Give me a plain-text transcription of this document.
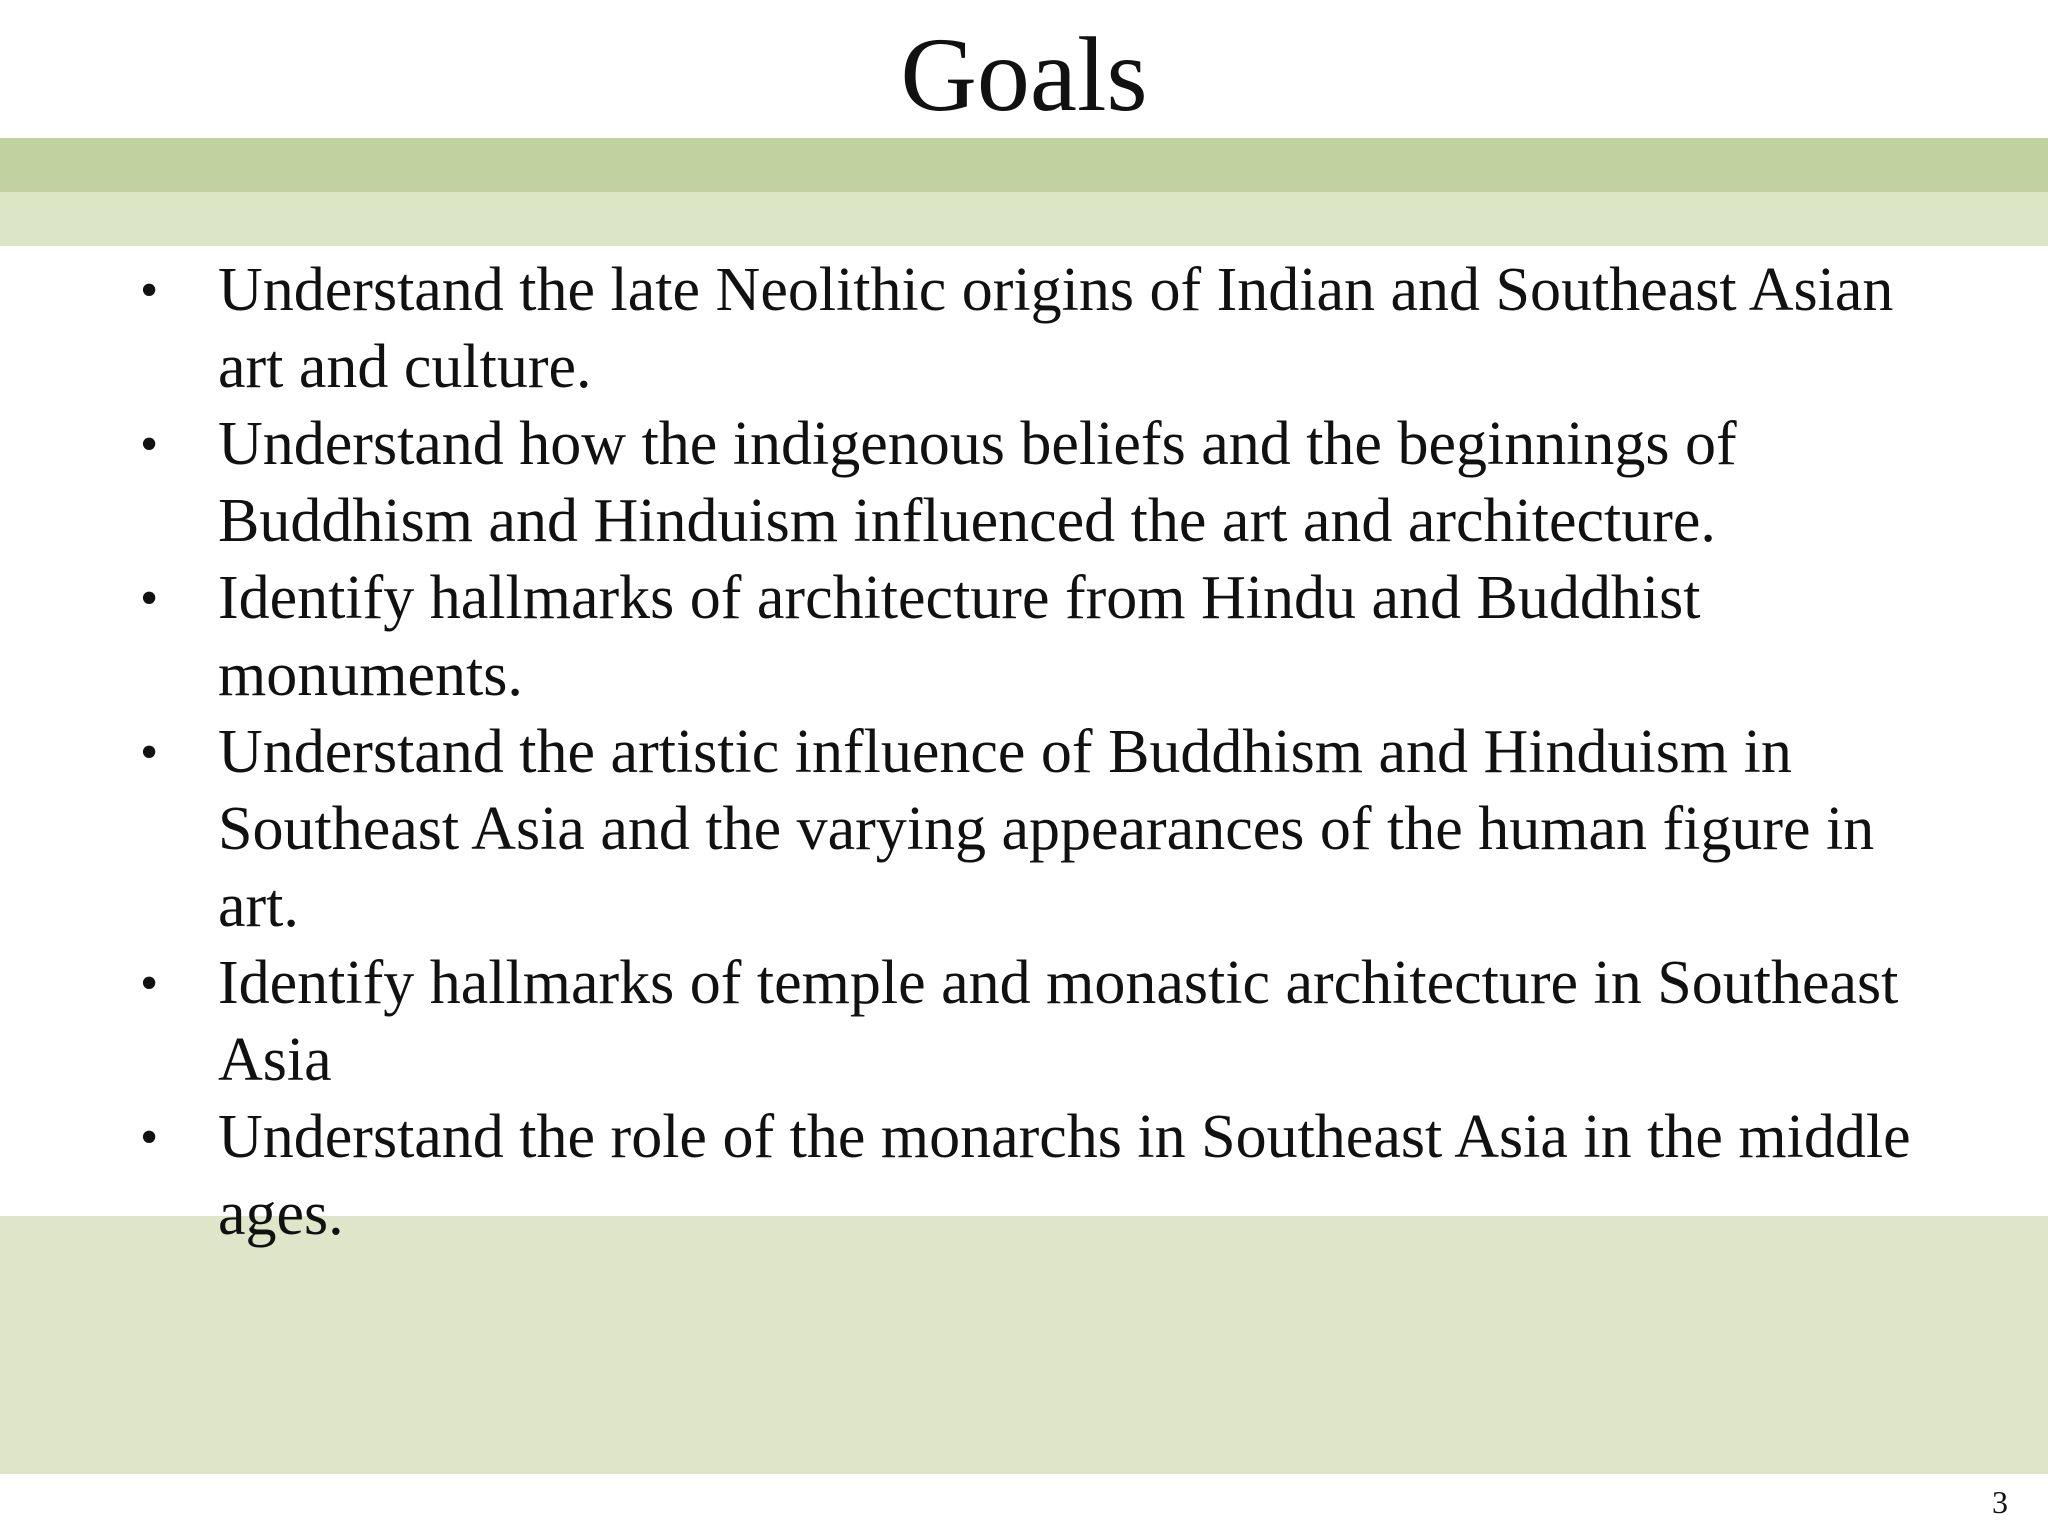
Goals
• Understand the late Neolithic origins of Indian and Southeast Asian art and culture.
• Understand how the indigenous beliefs and the beginnings of Buddhism and Hinduism influenced the art and architecture.
• Identify hallmarks of architecture from Hindu and Buddhist monuments.
• Understand the artistic influence of Buddhism and Hinduism in Southeast Asia and the varying appearances of the human figure in art.
• Identify hallmarks of temple and monastic architecture in Southeast Asia
• Understand the role of the monarchs in Southeast Asia in the middle ages.
3
